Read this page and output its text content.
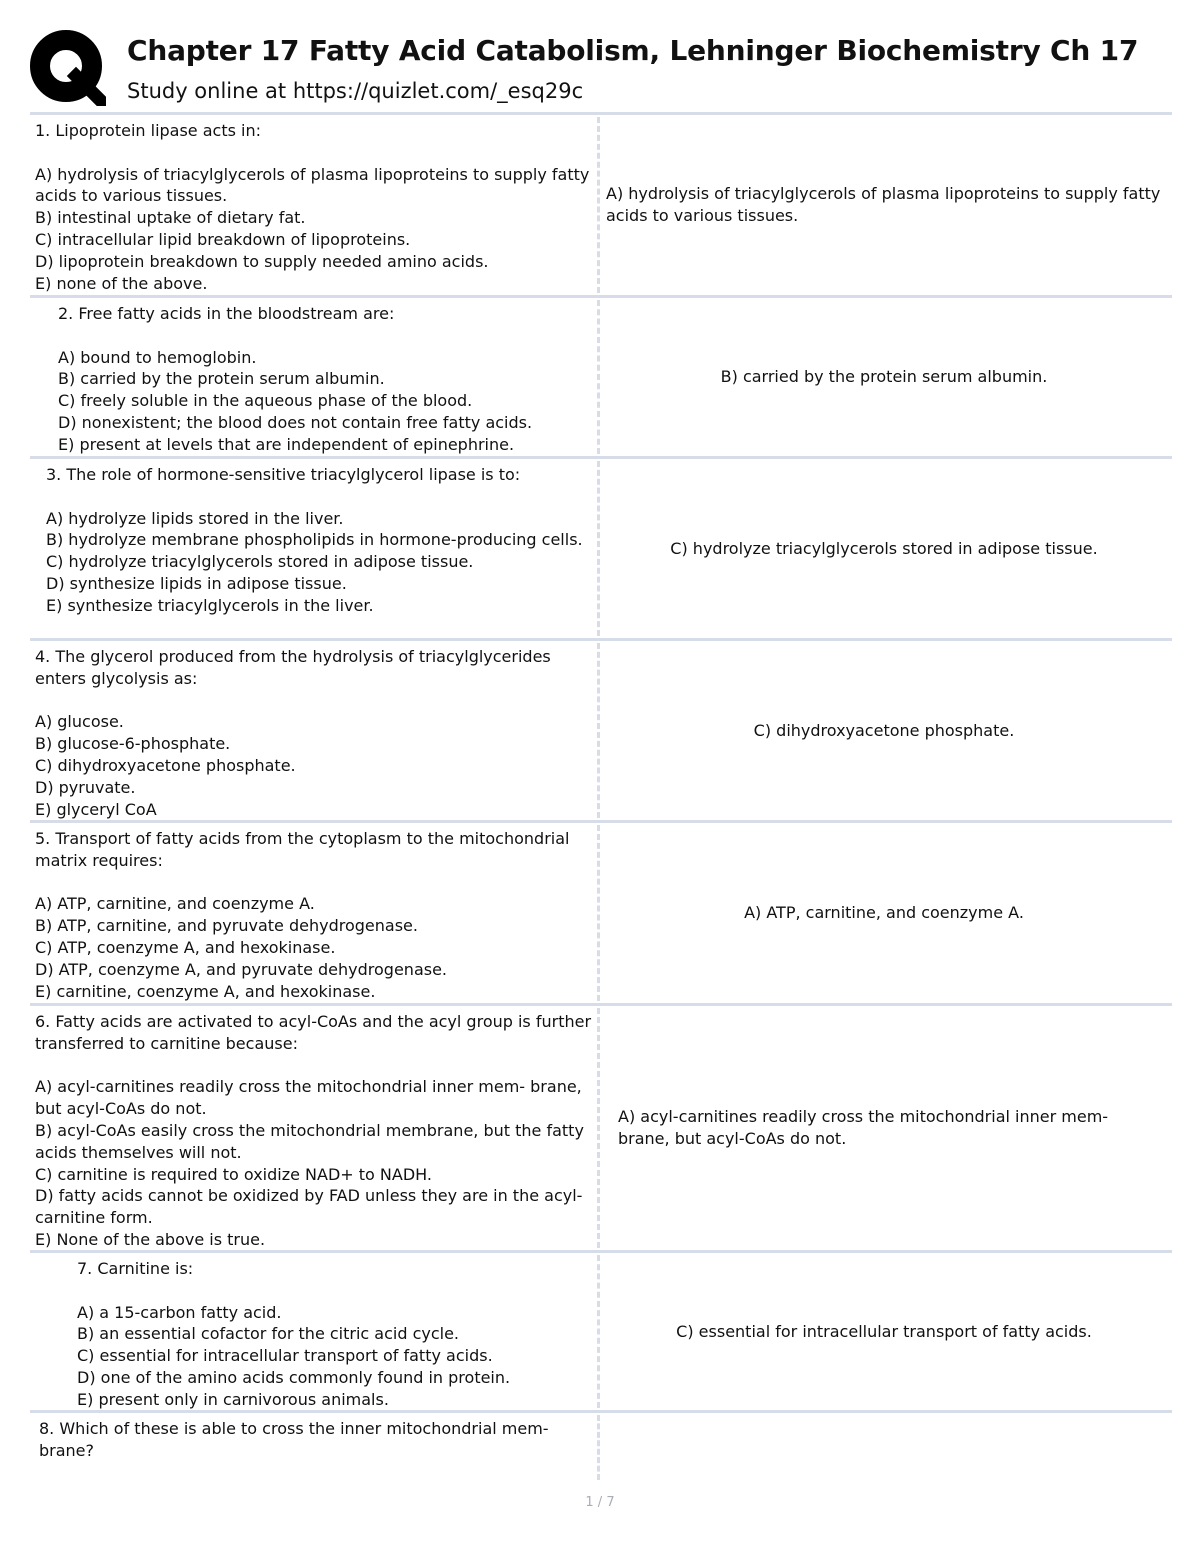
Chapter 17 Fatty Acid Catabolism, Lehninger Biochemistry Ch 17
Study online at https://quizlet.com/_esq29c

1. Lipoprotein lipase acts in:

A) hydrolysis of triacylglycerols of plasma lipoproteins to supply fatty acids to various tissues.

B) intestinal uptake of dietary fat.

C) intracellular lipid breakdown of lipoproteins.

D) lipoprotein breakdown to supply needed amino acids.

E) none of the above.

A) hydrolysis of triacylglycerols of plasma lipoproteins to supply fatty acids to various tissues.

2. Free fatty acids in the bloodstream are:

A) bound to hemoglobin.

B) carried by the protein serum albumin.

C) freely soluble in the aqueous phase of the blood.

D) nonexistent; the blood does not contain free fatty acids.

E) present at levels that are independent of epinephrine.

B) carried by the protein serum albumin.

3. The role of hormone-sensitive triacylglycerol lipase is to:

A) hydrolyze lipids stored in the liver.

B) hydrolyze membrane phospholipids in hormone-producing cells.

C) hydrolyze triacylglycerols stored in adipose tissue.

D) synthesize lipids in adipose tissue.

E) synthesize triacylglycerols in the liver.

C) hydrolyze triacylglycerols stored in adipose tissue.

4. The glycerol produced from the hydrolysis of triacylglycerides enters glycolysis as:

A) glucose.

B) glucose-6-phosphate.

C) dihydroxyacetone phosphate.

D) pyruvate.

E) glyceryl CoA

C) dihydroxyacetone phosphate.

5. Transport of fatty acids from the cytoplasm to the mitochondrial matrix requires:

A) ATP, carnitine, and coenzyme A.

B) ATP, carnitine, and pyruvate dehydrogenase.

C) ATP, coenzyme A, and hexokinase.

D) ATP, coenzyme A, and pyruvate dehydrogenase.

E) carnitine, coenzyme A, and hexokinase.

A) ATP, carnitine, and coenzyme A.

6. Fatty acids are activated to acyl-CoAs and the acyl group is further transferred to carnitine because:

A) acyl-carnitines readily cross the mitochondrial inner mem- brane, but acyl-CoAs do not.

B) acyl-CoAs easily cross the mitochondrial membrane, but the fatty acids themselves will not.

C) carnitine is required to oxidize NAD+ to NADH.

D) fatty acids cannot be oxidized by FAD unless they are in the acyl-carnitine form.

E) None of the above is true.

A) acyl-carnitines readily cross the mitochondrial inner mem- brane, but acyl-CoAs do not.

7. Carnitine is:

A) a 15-carbon fatty acid.

B) an essential cofactor for the citric acid cycle.

C) essential for intracellular transport of fatty acids.

D) one of the amino acids commonly found in protein.

E) present only in carnivorous animals.

C) essential for intracellular transport of fatty acids.

8. Which of these is able to cross the inner mitochondrial mem- brane?

1 / 7
